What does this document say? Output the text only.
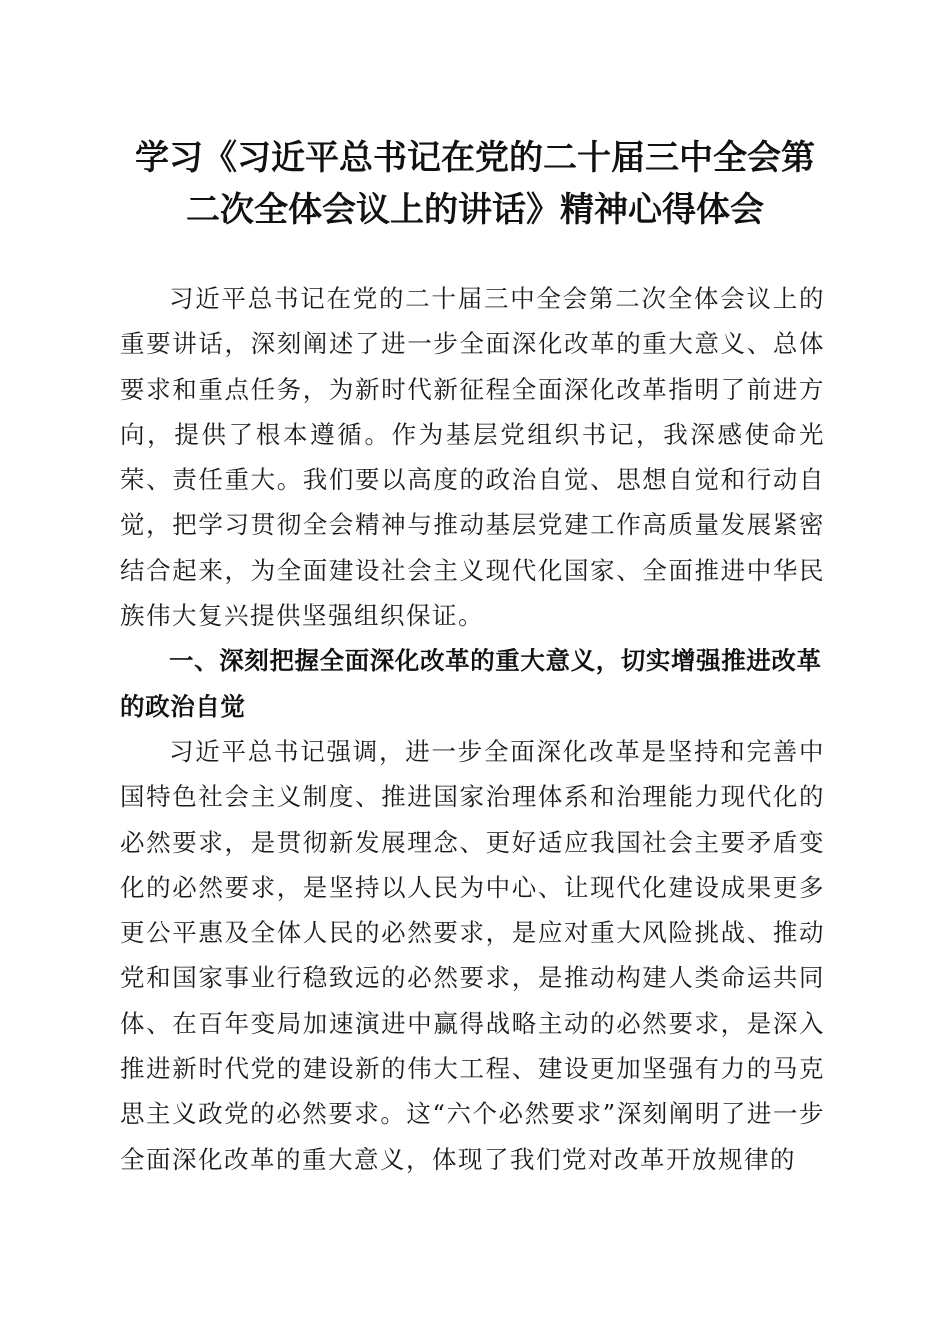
学习《习近平总书记在党的二十届三中全会第
二次全体会议上的讲话》精神心得体会

习近平总书记在党的二十届三中全会第二次全体会议上的重要讲话，深刻阐述了进一步全面深化改革的重大意义、总体要求和重点任务，为新时代新征程全面深化改革指明了前进方向，提供了根本遵循。作为基层党组织书记，我深感使命光荣、责任重大。我们要以高度的政治自觉、思想自觉和行动自觉，把学习贯彻全会精神与推动基层党建工作高质量发展紧密结合起来，为全面建设社会主义现代化国家、全面推进中华民族伟大复兴提供坚强组织保证。

一、深刻把握全面深化改革的重大意义，切实增强推进改革的政治自觉

习近平总书记强调，进一步全面深化改革是坚持和完善中国特色社会主义制度、推进国家治理体系和治理能力现代化的必然要求，是贯彻新发展理念、更好适应我国社会主要矛盾变化的必然要求，是坚持以人民为中心、让现代化建设成果更多更公平惠及全体人民的必然要求，是应对重大风险挑战、推动党和国家事业行稳致远的必然要求，是推动构建人类命运共同体、在百年变局加速演进中赢得战略主动的必然要求，是深入推进新时代党的建设新的伟大工程、建设更加坚强有力的马克思主义政党的必然要求。这“六个必然要求”深刻阐明了进一步全面深化改革的重大意义，体现了我们党对改革开放规律的
